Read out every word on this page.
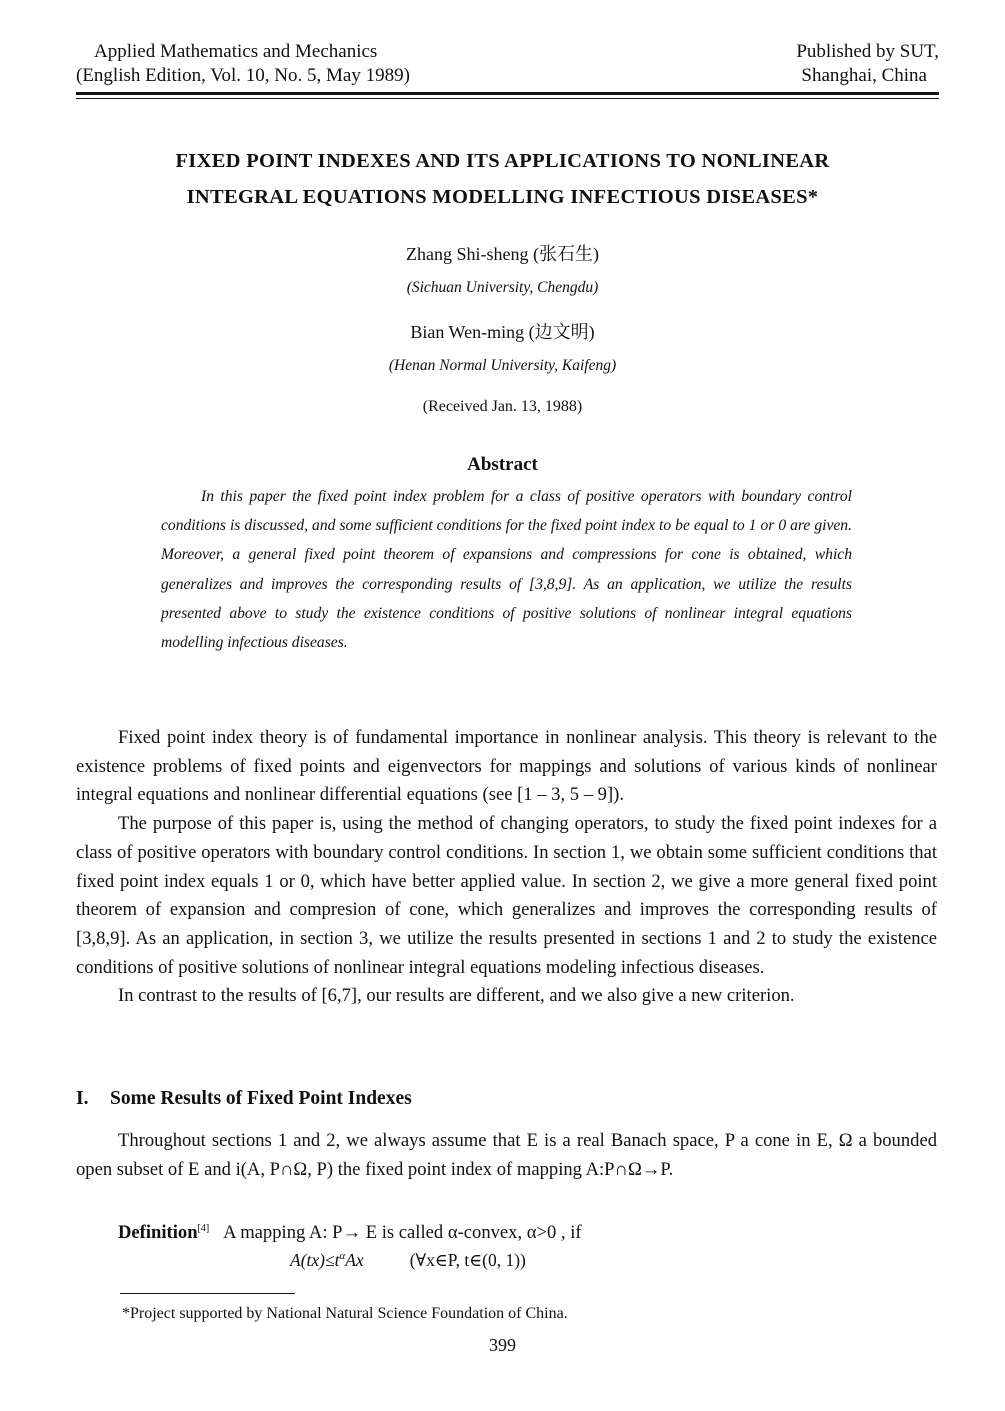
Applied Mathematics and Mechanics
(English Edition, Vol. 10, No. 5, May 1989)
Published by SUT,
Shanghai, China
FIXED POINT INDEXES AND ITS APPLICATIONS TO NONLINEAR
INTEGRAL EQUATIONS MODELLING INFECTIOUS DISEASES*
Zhang Shi-sheng (张石生)
(Sichuan University, Chengdu)
Bian Wen-ming (边文明)
(Henan Normal University, Kaifeng)
(Received Jan. 13, 1988)
Abstract
In this paper the fixed point index problem for a class of positive operators with boundary control conditions is discussed, and some sufficient conditions for the fixed point index to be equal to 1 or 0 are given. Moreover, a general fixed point theorem of expansions and compressions for cone is obtained, which generalizes and improves the corresponding results of [3,8,9]. As an application, we utilize the results presented above to study the existence conditions of positive solutions of nonlinear integral equations modelling infectious diseases.

Fixed point index theory is of fundamental importance in nonlinear analysis. This theory is relevant to the existence problems of fixed points and eigenvectors for mappings and solutions of various kinds of nonlinear integral equations and nonlinear differential equations (see [1 – 3, 5 – 9]).

The purpose of this paper is, using the method of changing operators, to study the fixed point indexes for a class of positive operators with boundary control conditions. In section 1, we obtain some sufficient conditions that fixed point index equals 1 or 0, which have better applied value. In section 2, we give a more general fixed point theorem of expansion and compresion of cone, which generalizes and improves the corresponding results of [3,8,9]. As an application, in section 3, we utilize the results presented in sections 1 and 2 to study the existence conditions of positive solutions of nonlinear integral equations modeling infectious diseases.

In contrast to the results of [6,7], our results are different, and we also give a new criterion.

I. Some Results of Fixed Point Indexes

Throughout sections 1 and 2, we always assume that E is a real Banach space, P a cone in E, Ω a bounded open subset of E and i(A, P∩Ω, P) the fixed point index of mapping A:P∩Ω→P.

Definition[4] A mapping A: P→ E is called α-convex, α>0 , if
$A(tx)\le t^\alpha Ax$	(∀x∈P, t∈(0, 1))
*Project supported by National Natural Science Foundation of China.
399
